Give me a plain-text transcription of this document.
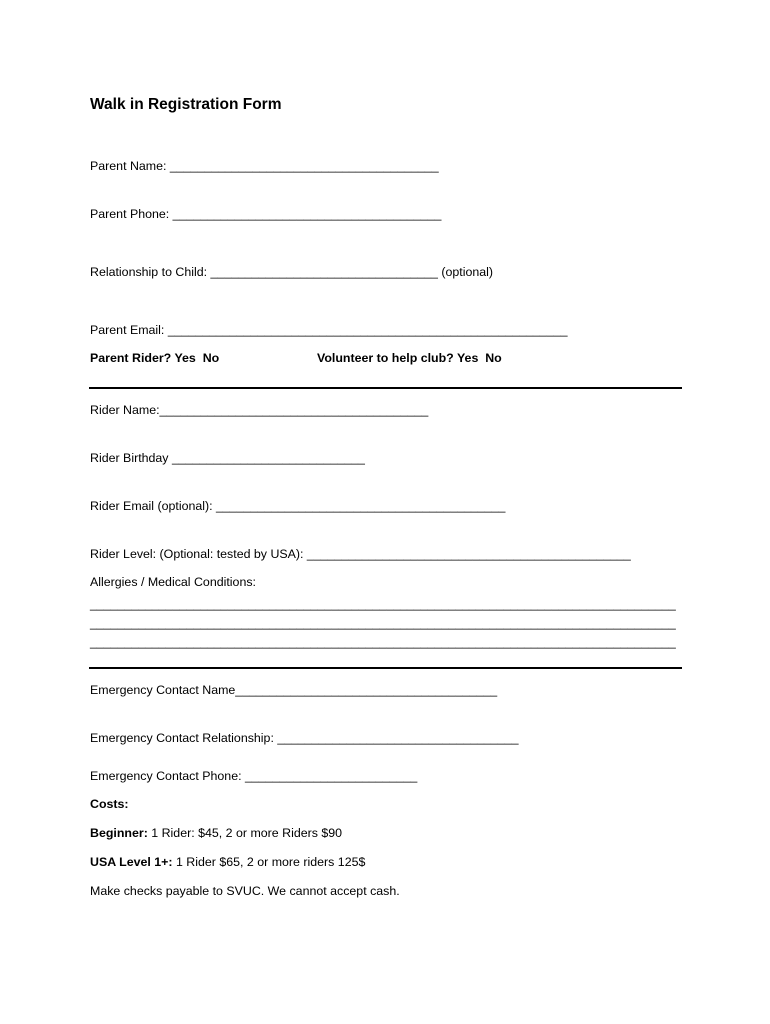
Walk in Registration Form
Parent Name: _______________________________________
Parent Phone: _______________________________________
Relationship to Child: _________________________________ (optional)
Parent Email: __________________________________________________________
Parent Rider? Yes  No	Volunteer to help club? Yes  No
Rider Name:_______________________________________
Rider Birthday ____________________________
Rider Email (optional): __________________________________________
Rider Level: (Optional: tested by USA): _______________________________________________
Allergies / Medical Conditions:
_____________________________________________________________________________________
_____________________________________________________________________________________
_____________________________________________________________________________________
Emergency Contact Name______________________________________
Emergency Contact Relationship: ___________________________________
Emergency Contact Phone: _________________________
Costs:
Beginner: 1 Rider: $45, 2 or more Riders $90
USA Level 1+: 1 Rider $65, 2 or more riders 125$
Make checks payable to SVUC. We cannot accept cash.
